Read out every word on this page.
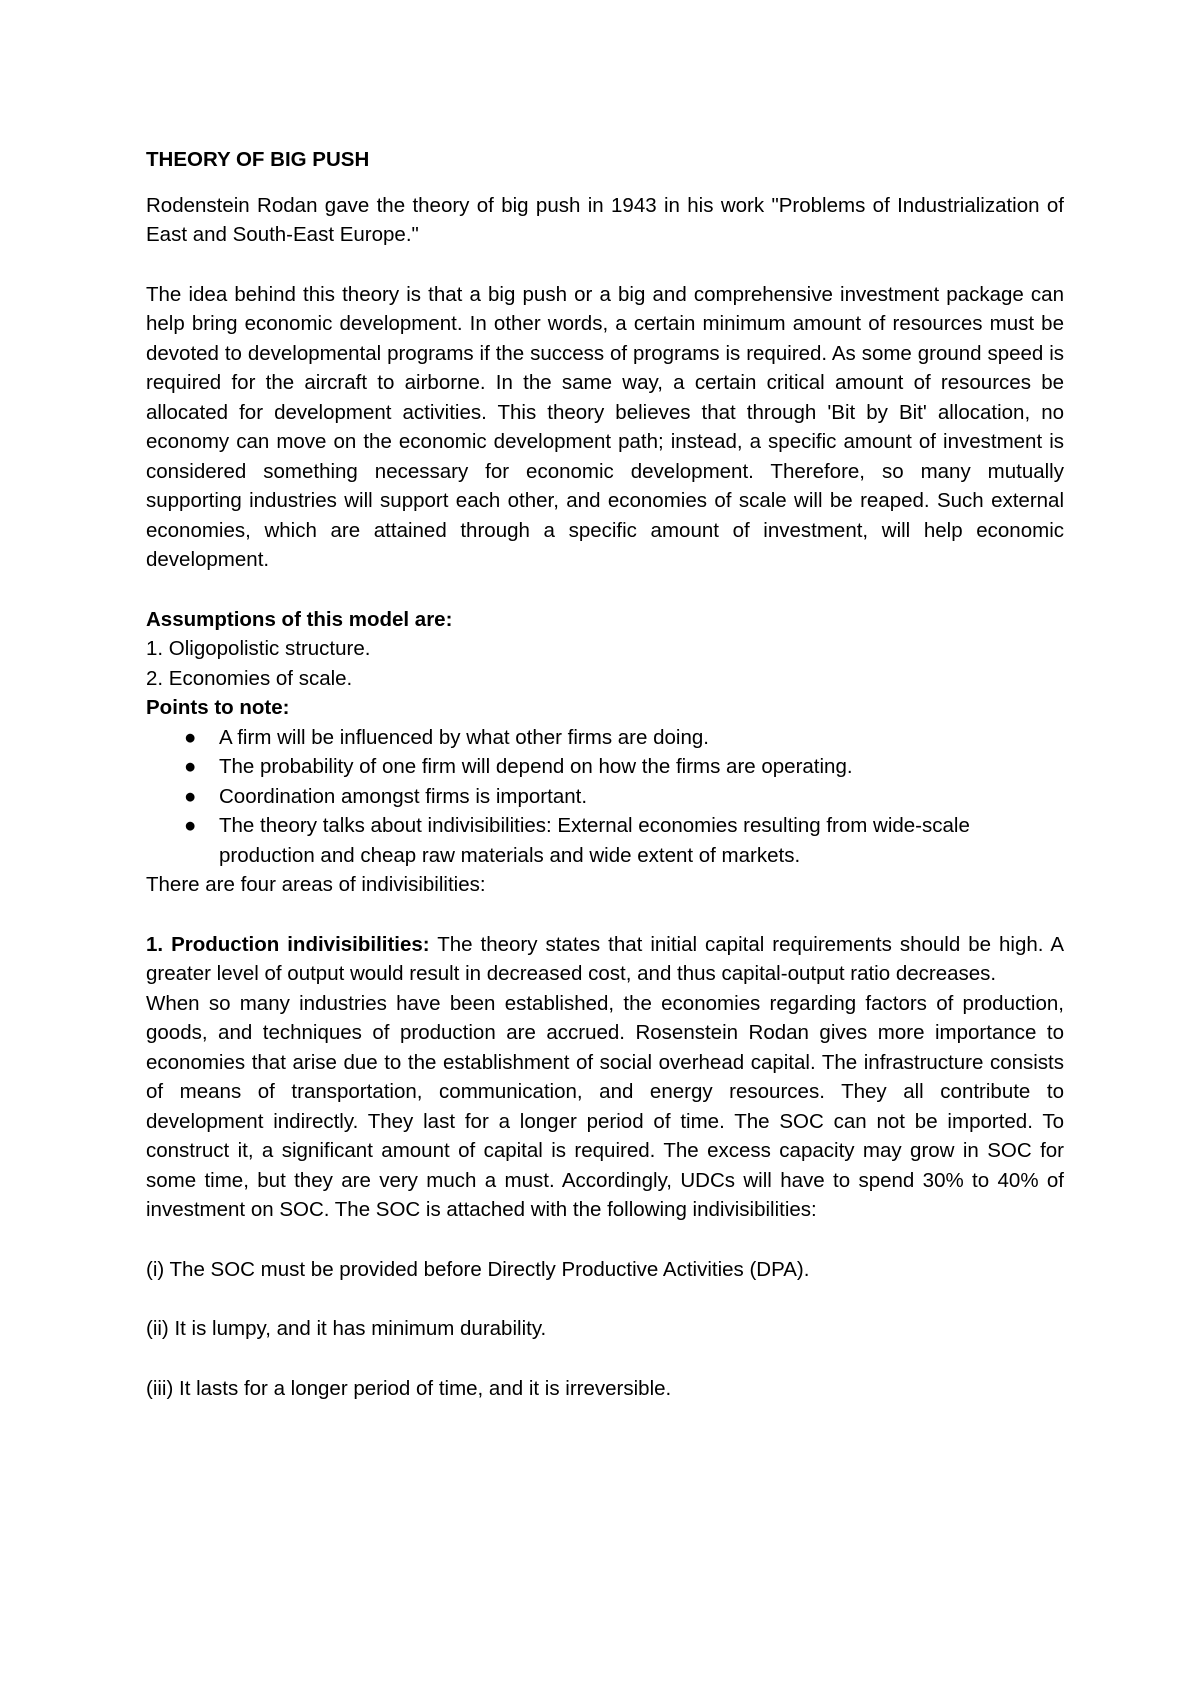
THEORY OF BIG PUSH

Rodenstein Rodan gave the theory of big push in 1943 in his work "Problems of Industrialization of East and South-East Europe."

The idea behind this theory is that a big push or a big and comprehensive investment package can help bring economic development. In other words, a certain minimum amount of resources must be devoted to developmental programs if the success of programs is required. As some ground speed is required for the aircraft to airborne. In the same way, a certain critical amount of resources be allocated for development activities. This theory believes that through 'Bit by Bit' allocation, no economy can move on the economic development path; instead, a specific amount of investment is considered something necessary for economic development. Therefore, so many mutually supporting industries will support each other, and economies of scale will be reaped. Such external economies, which are attained through a specific amount of investment, will help economic development.

Assumptions of this model are:

1. Oligopolistic structure.
2. Economies of scale.

Points to note:

● A firm will be influenced by what other firms are doing.
● The probability of one firm will depend on how the firms are operating.
● Coordination amongst firms is important.
● The theory talks about indivisibilities: External economies resulting from wide-scale production and cheap raw materials and wide extent of markets.

There are four areas of indivisibilities:

1. Production indivisibilities: The theory states that initial capital requirements should be high. A greater level of output would result in decreased cost, and thus capital-output ratio decreases.

When so many industries have been established, the economies regarding factors of production, goods, and techniques of production are accrued. Rosenstein Rodan gives more importance to economies that arise due to the establishment of social overhead capital. The infrastructure consists of means of transportation, communication, and energy resources. They all contribute to development indirectly. They last for a longer period of time. The SOC can not be imported. To construct it, a significant amount of capital is required. The excess capacity may grow in SOC for some time, but they are very much a must. Accordingly, UDCs will have to spend 30% to 40% of investment on SOC. The SOC is attached with the following indivisibilities:

(i) The SOC must be provided before Directly Productive Activities (DPA).

(ii) It is lumpy, and it has minimum durability.

(iii) It lasts for a longer period of time, and it is irreversible.
